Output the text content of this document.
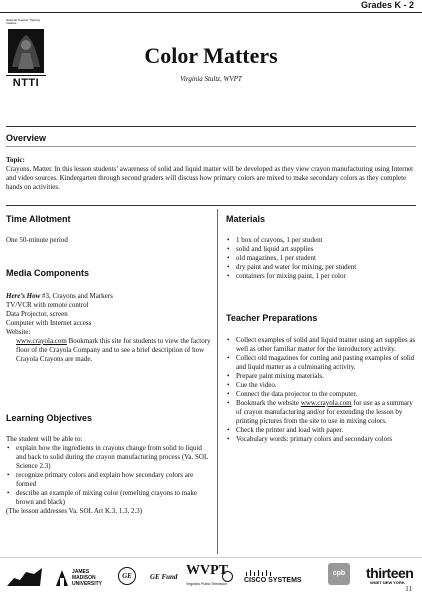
Grades K - 2
National Teacher Training Institute
NTTI
Color Matters
Virginia Stultz, WVPT
Overview

Topic:

Crayons, Matter. In this lesson students’ awareness of solid and liquid matter will be developed as they view crayon manufacturing using Internet and video sources. Kindergarten through second graders will discuss how primary colors are mixed to make secondary colors as they complete hands on activities.

Time Allotment
One 50-minute period
Media Components

Here’s How #3, Crayons and Markers

TV/VCR with remote control

Data Projector, screen

Computer with Internet access

Website:

www.crayola.com Bookmark this site for students to view the factory floor of the Crayola Company and to see a brief description of how Crayola Crayons are made.

Learning Objectives

The student will be able to:

• explain how the ingredients in crayons change from solid to liquid and back to solid during the crayon manufacturing process (Va. SOL Science 2.3)
• recognize primary colors and explain how secondary colors are formed
• describe an example of mixing color (remelting crayons to make brown and black)

(The lesson addresses Va. SOL Art K.3, 1.3, 2.3)

Materials
• 1 box of crayons, 1 per student
• solid and liquid art supplies
• old magazines, 1 per student
• dry paint and water for mixing, per student
• containers for mixing paint, 1 per color
Teacher Preparations
• Collect examples of solid and liquid matter using art supplies as well as other familiar matter for the introductory activity.
• Collect old magazines for cutting and pasting examples of solid and liquid matter as a culminating activity.
• Prepare paint mixing materials.
• Cue the video.
• Connect the data projector to the computer.
• Bookmark the website www.crayola.com for use as a summary of crayon manufacturing and/or for extending the lesson by printing pictures from the site to use in mixing colors.
• Check the printer and load with paper.
• Vocabulary words: primary colors and secondary colors
JAMES MADISON UNIVERSITY
GE	GE Fund WVPT
Virginia's Public Television	CISCO SYSTEMS
cpb	thirteen
WNET NEW YORK
11
